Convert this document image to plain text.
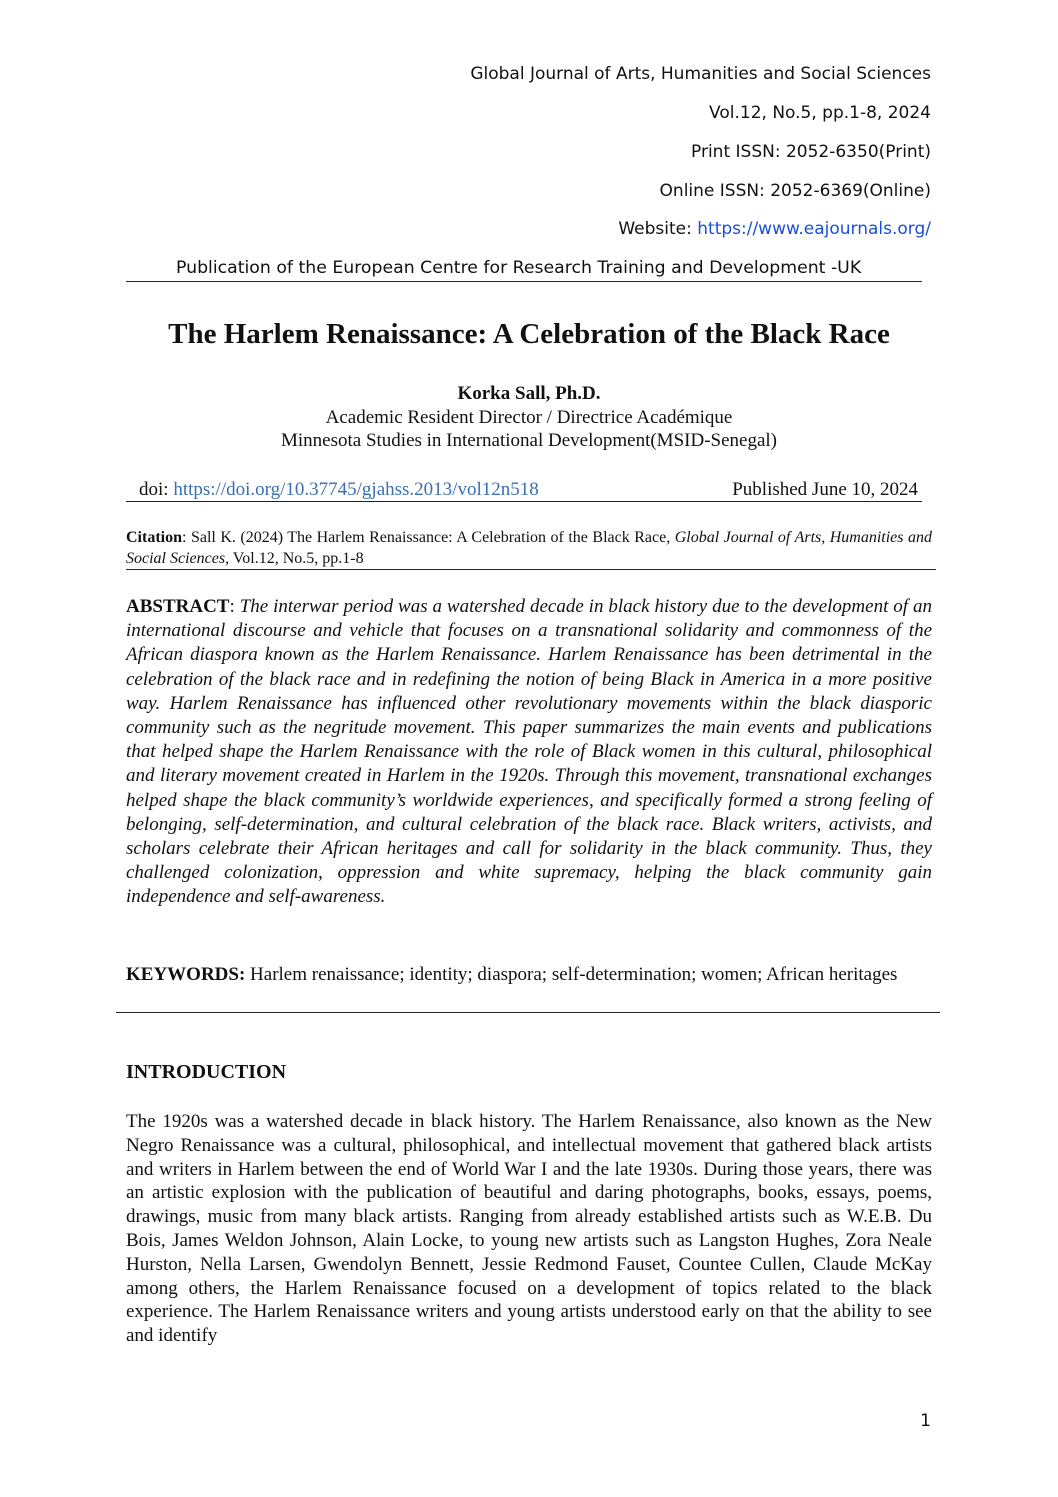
Global Journal of Arts, Humanities and Social Sciences
Vol.12, No.5, pp.1-8, 2024
Print ISSN: 2052-6350(Print)
Online ISSN: 2052-6369(Online)
Website: https://www.eajournals.org/
Publication of the European Centre for Research Training and Development -UK
The Harlem Renaissance: A Celebration of the Black Race
Korka Sall, Ph.D.
Academic Resident Director / Directrice Académique
Minnesota Studies in International Development(MSID-Senegal)
doi: https://doi.org/10.37745/gjahss.2013/vol12n518	Published June 10, 2024
Citation: Sall K. (2024) The Harlem Renaissance: A Celebration of the Black Race, Global Journal of Arts, Humanities and Social Sciences, Vol.12, No.5, pp.1-8
ABSTRACT: The interwar period was a watershed decade in black history due to the development of an international discourse and vehicle that focuses on a transnational solidarity and commonness of the African diaspora known as the Harlem Renaissance. Harlem Renaissance has been detrimental in the celebration of the black race and in redefining the notion of being Black in America in a more positive way. Harlem Renaissance has influenced other revolutionary movements within the black diasporic community such as the negritude movement. This paper summarizes the main events and publications that helped shape the Harlem Renaissance with the role of Black women in this cultural, philosophical and literary movement created in Harlem in the 1920s. Through this movement, transnational exchanges helped shape the black community’s worldwide experiences, and specifically formed a strong feeling of belonging, self-determination, and cultural celebration of the black race. Black writers, activists, and scholars celebrate their African heritages and call for solidarity in the black community. Thus, they challenged colonization, oppression and white supremacy, helping the black community gain independence and self-awareness.
KEYWORDS: Harlem renaissance; identity; diaspora; self-determination; women; African heritages
INTRODUCTION
The 1920s was a watershed decade in black history. The Harlem Renaissance, also known as the New Negro Renaissance was a cultural, philosophical, and intellectual movement that gathered black artists and writers in Harlem between the end of World War I and the late 1930s. During those years, there was an artistic explosion with the publication of beautiful and daring photographs, books, essays, poems, drawings, music from many black artists. Ranging from already established artists such as W.E.B. Du Bois, James Weldon Johnson, Alain Locke, to young new artists such as Langston Hughes, Zora Neale Hurston, Nella Larsen, Gwendolyn Bennett, Jessie Redmond Fauset, Countee Cullen, Claude McKay among others, the Harlem Renaissance focused on a development of topics related to the black experience. The Harlem Renaissance writers and young artists understood early on that the ability to see and identify
1
